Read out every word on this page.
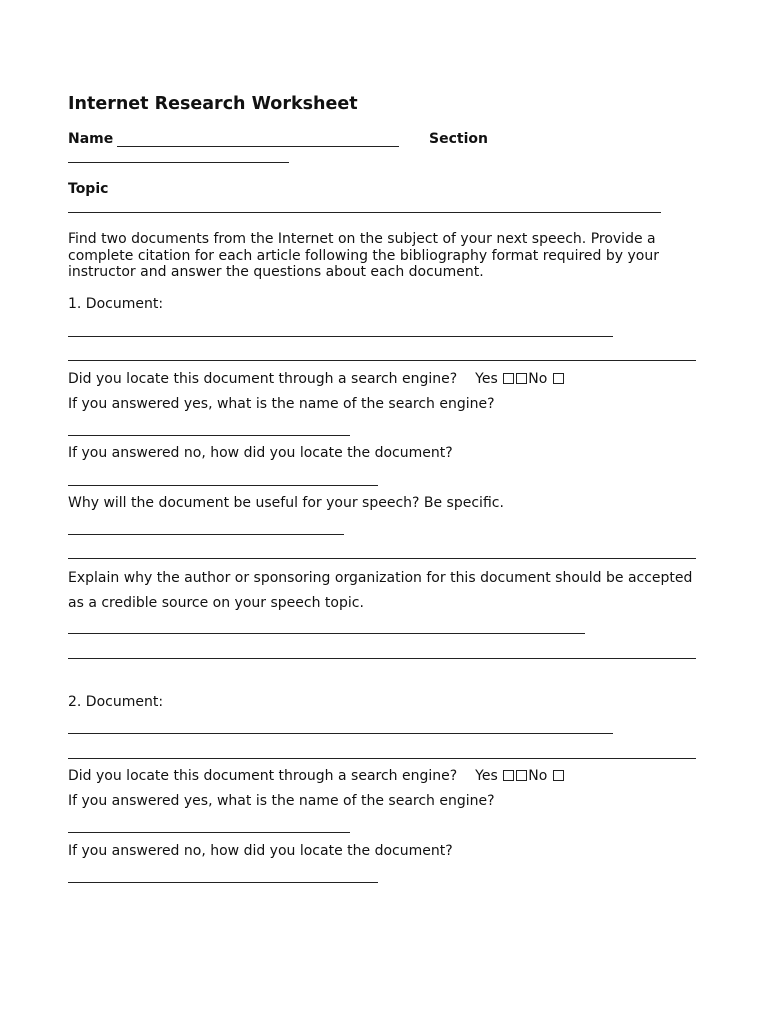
Internet Research Worksheet
Name	Section
Topic
Find two documents from the Internet on the subject of your next speech. Provide a complete citation for each article following the bibliography format required by your instructor and answer the questions about each document.
1. Document:
Did you locate this document through a search engine? Yes No
If you answered yes, what is the name of the search engine?
If you answered no, how did you locate the document?
Why will the document be useful for your speech? Be specific.
Explain why the author or sponsoring organization for this document should be accepted
as a credible source on your speech topic.
2. Document:
Did you locate this document through a search engine? Yes No
If you answered yes, what is the name of the search engine?
If you answered no, how did you locate the document?
